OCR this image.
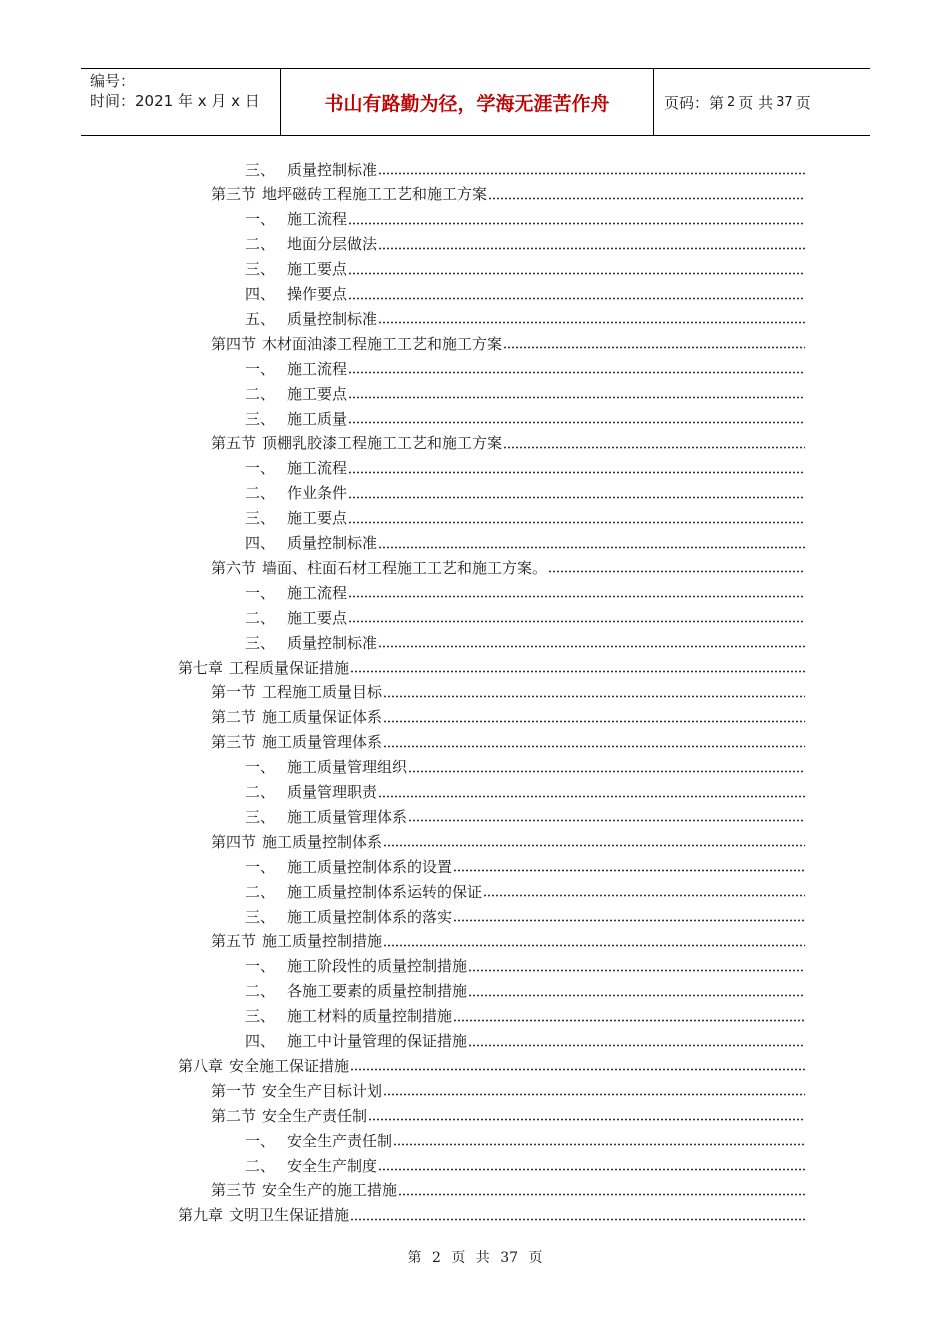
编号：
时间：2021 年 x 月 x 日	书山有路勤为径，学海无涯苦作舟	页码：第 2 页 共 37 页
三、 质量控制标准
第三节 地坪磁砖工程施工工艺和施工方案
一、 施工流程
二、 地面分层做法
三、 施工要点
四、 操作要点
五、 质量控制标准
第四节 木材面油漆工程施工工艺和施工方案
一、 施工流程
二、 施工要点
三、 施工质量
第五节 顶棚乳胶漆工程施工工艺和施工方案
一、 施工流程
二、 作业条件
三、 施工要点
四、 质量控制标准
第六节 墙面、柱面石材工程施工工艺和施工方案。
一、 施工流程
二、 施工要点
三、 质量控制标准
第七章 工程质量保证措施
第一节 工程施工质量目标
第二节 施工质量保证体系
第三节 施工质量管理体系
一、 施工质量管理组织
二、 质量管理职责
三、 施工质量管理体系
第四节 施工质量控制体系
一、 施工质量控制体系的设置
二、 施工质量控制体系运转的保证
三、 施工质量控制体系的落实
第五节 施工质量控制措施
一、 施工阶段性的质量控制措施
二、 各施工要素的质量控制措施
三、 施工材料的质量控制措施
四、 施工中计量管理的保证措施
第八章 安全施工保证措施
第一节 安全生产目标计划
第二节 安全生产责任制
一、 安全生产责任制
二、 安全生产制度
第三节 安全生产的施工措施
第九章 文明卫生保证措施
第 2 页 共 37 页
